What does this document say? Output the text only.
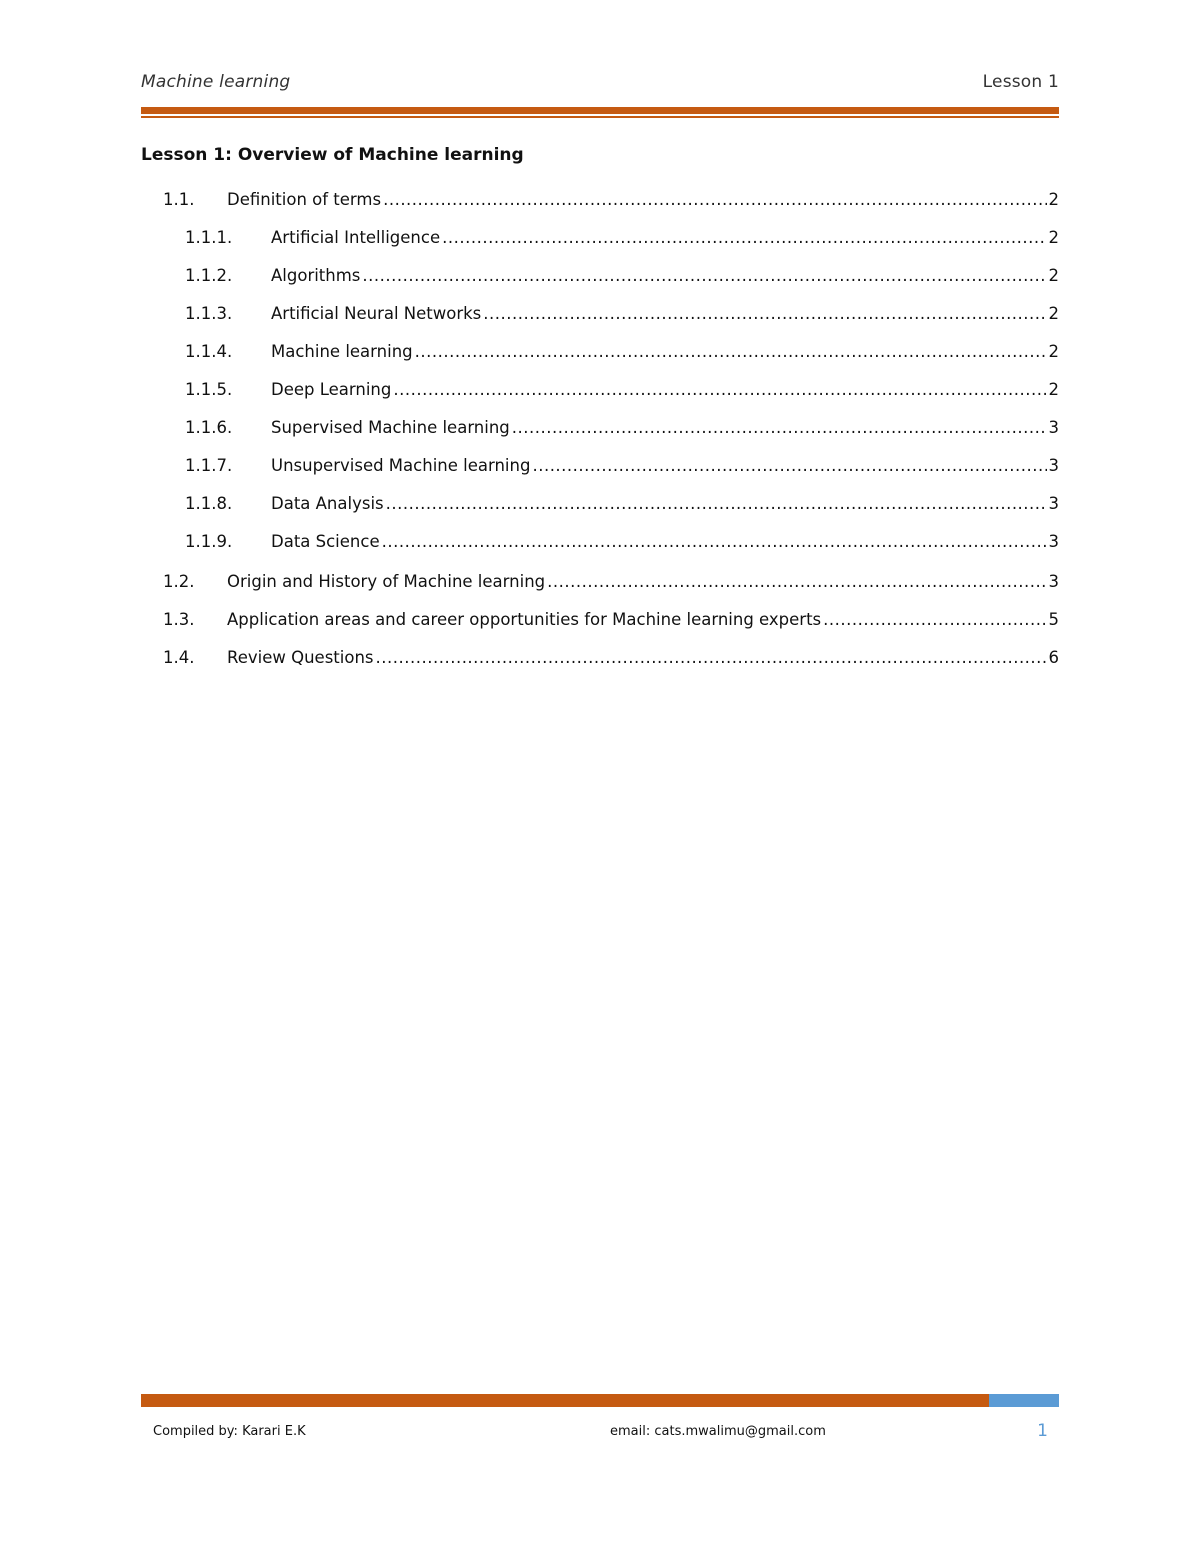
Machine learning	Lesson 1
Lesson 1: Overview of Machine learning
1.1.	Definition of terms .....	2
1.1.1.	Artificial Intelligence .....	2
1.1.2.	Algorithms .....	2
1.1.3.	Artificial Neural Networks .....	2
1.1.4.	Machine learning .....	2
1.1.5.	Deep Learning .....	2
1.1.6.	Supervised Machine learning .....	3
1.1.7.	Unsupervised Machine learning .....	3
1.1.8.	Data Analysis .....	3
1.1.9.	Data Science .....	3
1.2.	Origin and History of Machine learning .....	3
1.3.	Application areas and career opportunities for Machine learning experts .....	5
1.4.	Review Questions .....	6
Compiled by: Karari E.K	email: cats.mwalimu@gmail.com	1
